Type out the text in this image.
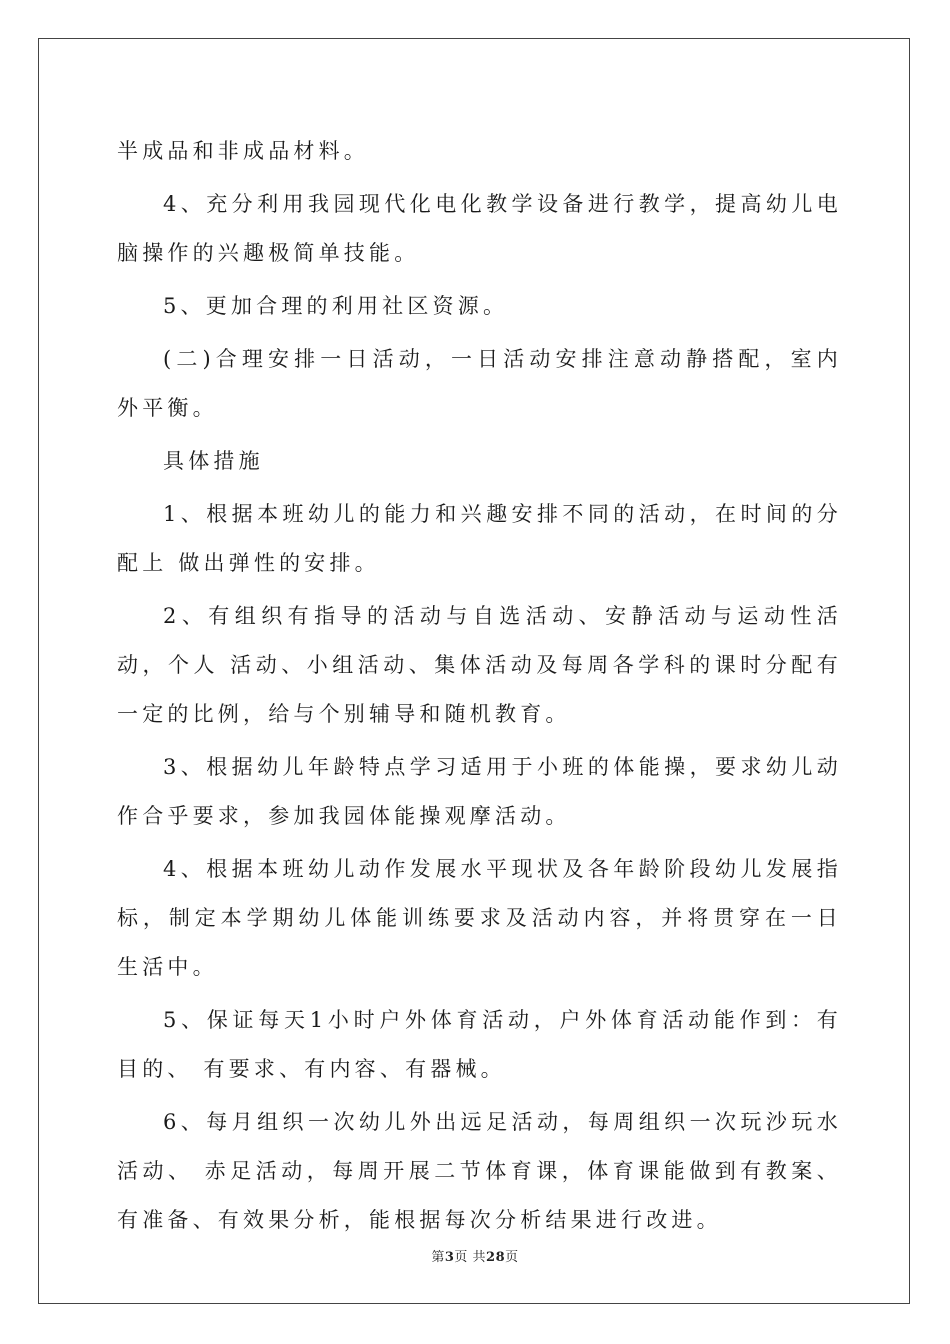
半成品和非成品材料。

4、充分利用我园现代化电化教学设备进行教学，提高幼儿电脑操作的兴趣极简单技能。

5、更加合理的利用社区资源。

(二)合理安排一日活动，一日活动安排注意动静搭配，室内外平衡。

具体措施

1、根据本班幼儿的能力和兴趣安排不同的活动，在时间的分配上 做出弹性的安排。

2、有组织有指导的活动与自选活动、安静活动与运动性活动，个人 活动、小组活动、集体活动及每周各学科的课时分配有一定的比例，给与个别辅导和随机教育。

3、根据幼儿年龄特点学习适用于小班的体能操，要求幼儿动作合乎要求，参加我园体能操观摩活动。

4、根据本班幼儿动作发展水平现状及各年龄阶段幼儿发展指标，制定本学期幼儿体能训练要求及活动内容，并将贯穿在一日生活中。

5、保证每天1小时户外体育活动，户外体育活动能作到：有目的、 有要求、有内容、有器械。

6、每月组织一次幼儿外出远足活动，每周组织一次玩沙玩水活动、 赤足活动，每周开展二节体育课，体育课能做到有教案、有准备、有效果分析，能根据每次分析结果进行改进。

第3页 共28页
